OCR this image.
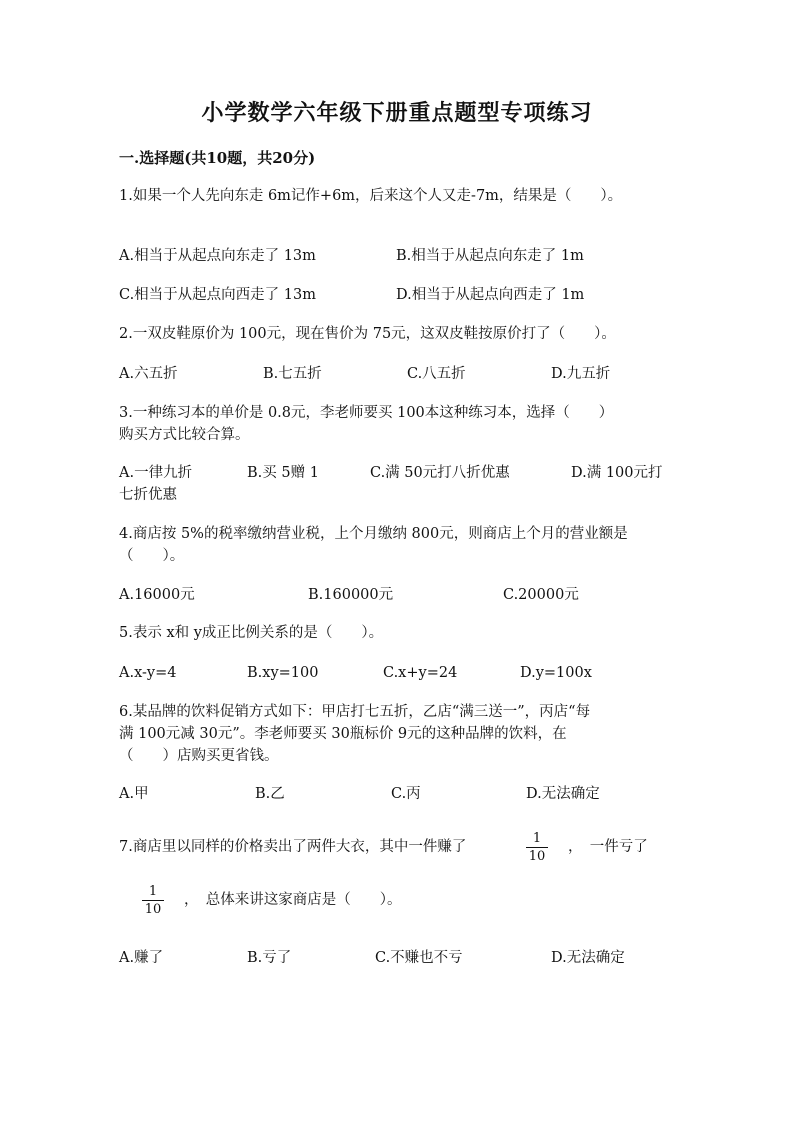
小学数学六年级下册重点题型专项练习
一.选择题(共10题，共20分)
1.如果一个人先向东走 6m记作+6m，后来这个人又走-7m，结果是（　　）。
A.相当于从起点向东走了 13m	B.相当于从起点向东走了 1m
C.相当于从起点向西走了 13m	D.相当于从起点向西走了 1m
2.一双皮鞋原价为 100元，现在售价为 75元，这双皮鞋按原价打了（　　）。
A.六五折	B.七五折	C.八五折	D.九五折
3.一种练习本的单价是 0.8元，李老师要买 100本这种练习本，选择（　　）
购买方式比较合算。
A.一律九折	B.买 5赠 1	C.满 50元打八折优惠	D.满 100元打
七折优惠
4.商店按 5%的税率缴纳营业税，上个月缴纳 800元，则商店上个月的营业额是
（　　）。
A.16000元	B.160000元	C.20000元
5.表示 x和 y成正比例关系的是（　　）。
A.x-y=4	B.xy=100	C.x+y=24	D.y=100x
6.某品牌的饮料促销方式如下：甲店打七五折，乙店“满三送一”，丙店“每
满 100元减 30元”。李老师要买 30瓶标价 9元的这种品牌的饮料，在
（　　）店购买更省钱。
A.甲	B.乙	C.丙	D.无法确定
7.商店里以同样的价格卖出了两件大衣，其中一件赚了	$\frac{1}{10}$ ，　一件亏了
$\frac{1}{10}$ ，　总体来讲这家商店是（　　）。
A.赚了	B.亏了	C.不赚也不亏	D.无法确定
